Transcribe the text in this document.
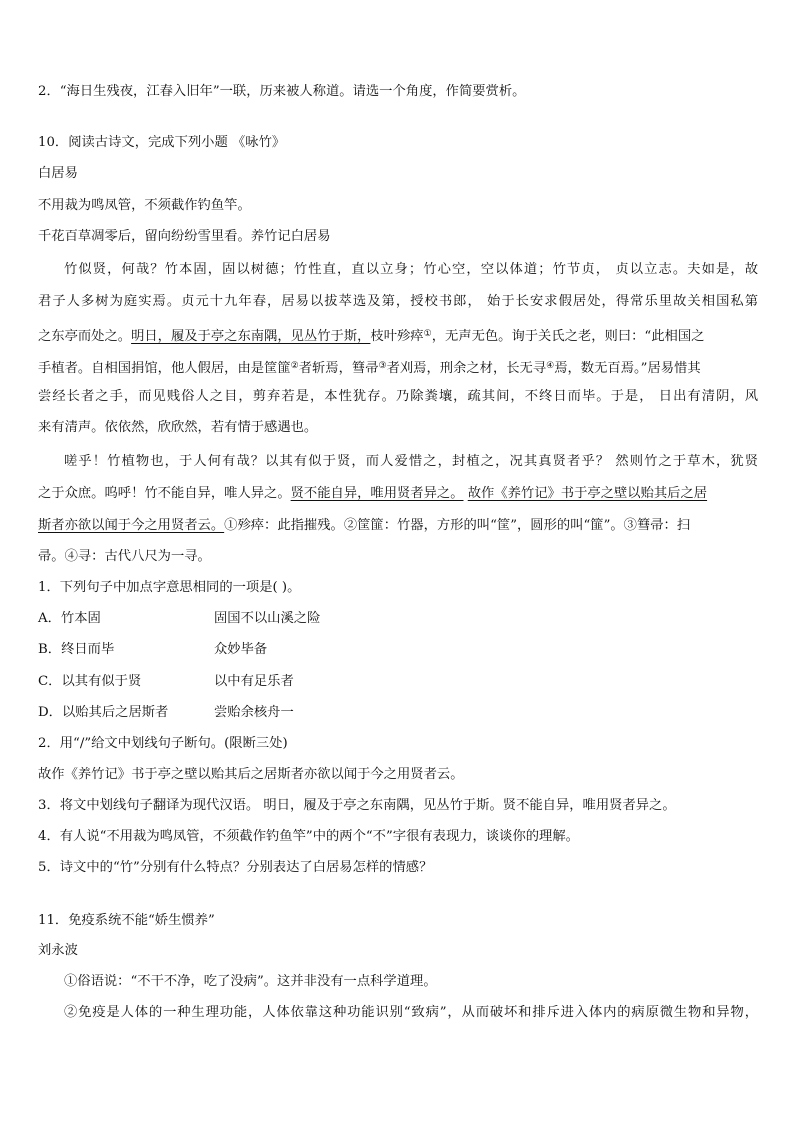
2．“海日生残夜，江春入旧年”一联，历来被人称道。请选一个角度，作简要赏析。
10．阅读古诗文，完成下列小题 《咏竹》
白居易
不用裁为鸣凤管，不须截作钓鱼竿。
千花百草凋零后，留向纷纷雪里看。养竹记白居易
竹似贤，何哉？竹本固，固以树德；竹性直，直以立身；竹心空，空以体道；竹节贞， 贞以立志。夫如是，故
君子人多树为庭实焉。贞元十九年春，居易以拔萃选及第，授校书郎， 始于长安求假居处，得常乐里故关相国私第
之东亭而处之。明日，履及于亭之东南隅，见丛竹于斯，枝叶殄瘁①，无声无色。询于关氏之老，则曰：“此相国之
手植者。自相国捐馆，他人假居，由是筐篚②者斩焉，篲帚③者刈焉，刑余之材，长无寻④焉，数无百焉。”居易惜其
尝经长者之手，而见贱俗人之目，剪弃若是，本性犹存。乃除粪壤，疏其间，不终日而毕。于是， 日出有清阴，风
来有清声。依依然，欣欣然，若有情于感遇也。
嗟乎！竹植物也，于人何有哉？以其有似于贤，而人爱惜之，封植之，况其真贤者乎？ 然则竹之于草木，犹贤
之于众庶。呜呼！竹不能自异，唯人异之。贤不能自异，唯用贤者异之。 故作《养竹记》书于亭之壁以贻其后之居
斯者亦欲以闻于今之用贤者云。①殄瘁：此指摧残。②筐篚：竹器，方形的叫“筐”，圆形的叫“篚”。③篲帚：扫
帚。④寻：古代八尺为一寻。
1．下列句子中加点字意思相同的一项是( )。
A．竹本固	固国不以山溪之险
B．终日而毕	众妙毕备
C．以其有似于贤	以中有足乐者
D．以贻其后之居斯者	尝贻余核舟一
2．用“/”给文中划线句子断句。(限断三处)
故作《养竹记》书于亭之壁以贻其后之居斯者亦欲以闻于今之用贤者云。
3．将文中划线句子翻译为现代汉语。 明日，履及于亭之东南隅，见丛竹于斯。贤不能自异，唯用贤者异之。
4．有人说“不用裁为鸣凤管，不须截作钓鱼竿”中的两个“不”字很有表现力，谈谈你的理解。
5．诗文中的“竹”分别有什么特点？分别表达了白居易怎样的情感？
11．免疫系统不能“娇生惯养”
刘永波
①俗语说：“不干不净，吃了没病”。这并非没有一点科学道理。
②免疫是人体的一种生理功能，人体依靠这种功能识别“致病”，从而破坏和排斥进入体内的病原微生物和异物，
